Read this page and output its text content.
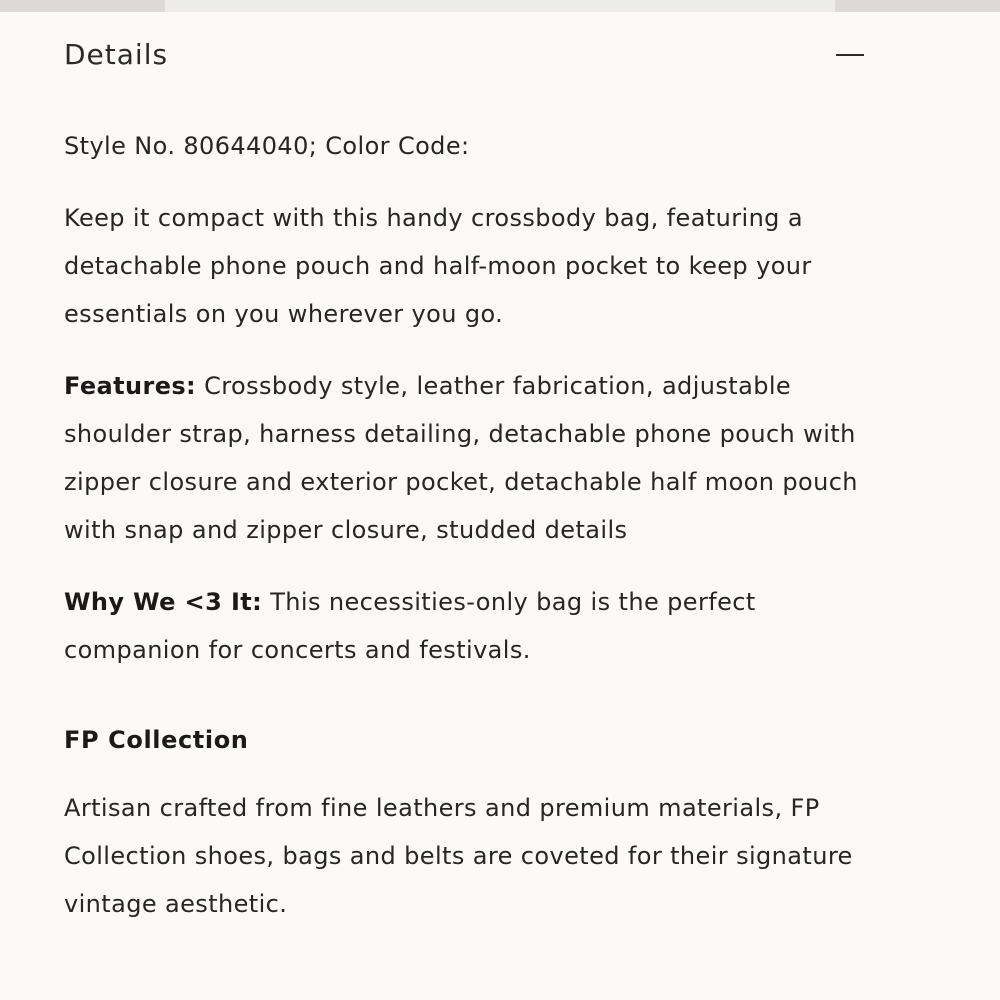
Details

Style No. 80644040; Color Code:

Keep it compact with this handy crossbody bag, featuring a detachable phone pouch and half-moon pocket to keep your essentials on you wherever you go.

Features: Crossbody style, leather fabrication, adjustable shoulder strap, harness detailing, detachable phone pouch with zipper closure and exterior pocket, detachable half moon pouch with snap and zipper closure, studded details

Why We <3 It: This necessities-only bag is the perfect companion for concerts and festivals.

FP Collection

Artisan crafted from fine leathers and premium materials, FP Collection shoes, bags and belts are coveted for their signature vintage aesthetic.
